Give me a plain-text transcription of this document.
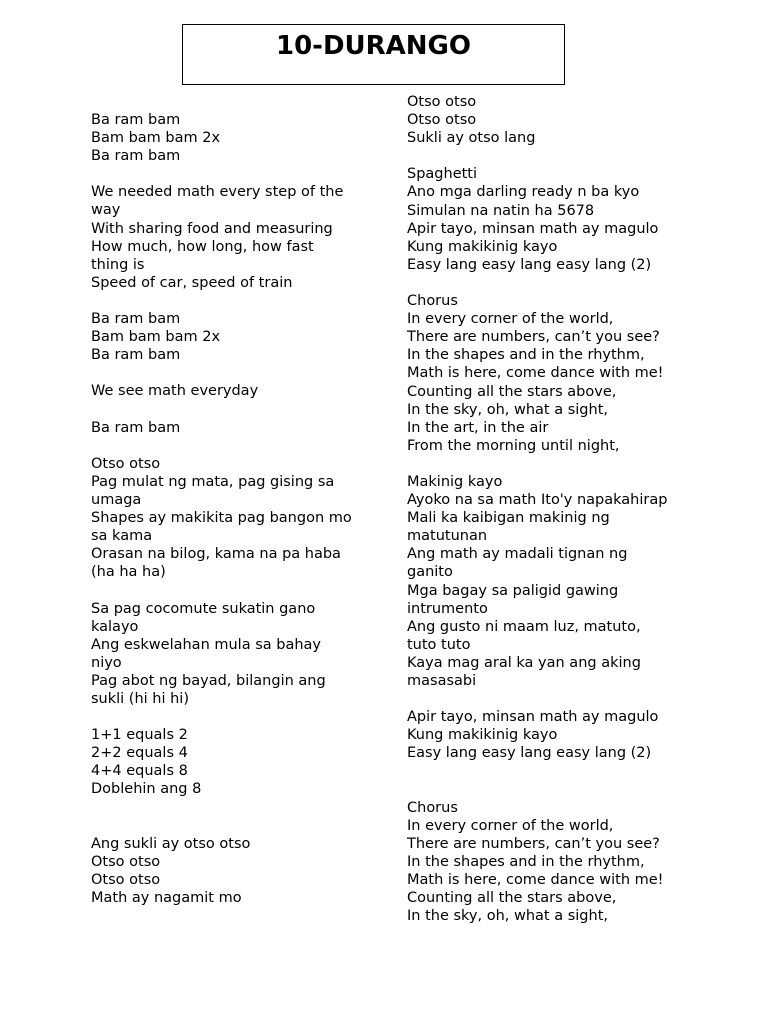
10-DURANGO
Ba ram bam
Bam bam bam 2x
Ba ram bam
We needed math every step of the
way
With sharing food and measuring
How much, how long, how fast
thing is
Speed of car, speed of train
Ba ram bam
Bam bam bam 2x
Ba ram bam
We see math everyday
Ba ram bam
Otso otso
Pag mulat ng mata, pag gising sa
umaga
Shapes ay makikita pag bangon mo
sa kama
Orasan na bilog, kama na pa haba
(ha ha ha)
Sa pag cocomute sukatin gano
kalayo
Ang eskwelahan mula sa bahay
niyo
Pag abot ng bayad, bilangin ang
sukli (hi hi hi)
1+1 equals 2
2+2 equals 4
4+4 equals 8
Doblehin ang 8
Ang sukli ay otso otso
Otso otso
Otso otso
Math ay nagamit mo
Otso otso
Otso otso
Sukli ay otso lang
Spaghetti
Ano mga darling ready n ba kyo
Simulan na natin ha 5678
Apir tayo, minsan math ay magulo
Kung makikinig kayo
Easy lang easy lang easy lang (2)
Chorus
In every corner of the world,
There are numbers, can’t you see?
In the shapes and in the rhythm,
Math is here, come dance with me!
Counting all the stars above,
In the sky, oh, what a sight,
In the art, in the air
From the morning until night,
Makinig kayo
Ayoko na sa math Ito'y napakahirap
Mali ka kaibigan makinig ng
matutunan
Ang math ay madali tignan ng
ganito
Mga bagay sa paligid gawing
intrumento
Ang gusto ni maam luz, matuto,
tuto tuto
Kaya mag aral ka yan ang aking
masasabi
Apir tayo, minsan math ay magulo
Kung makikinig kayo
Easy lang easy lang easy lang (2)
Chorus
In every corner of the world,
There are numbers, can’t you see?
In the shapes and in the rhythm,
Math is here, come dance with me!
Counting all the stars above,
In the sky, oh, what a sight,
